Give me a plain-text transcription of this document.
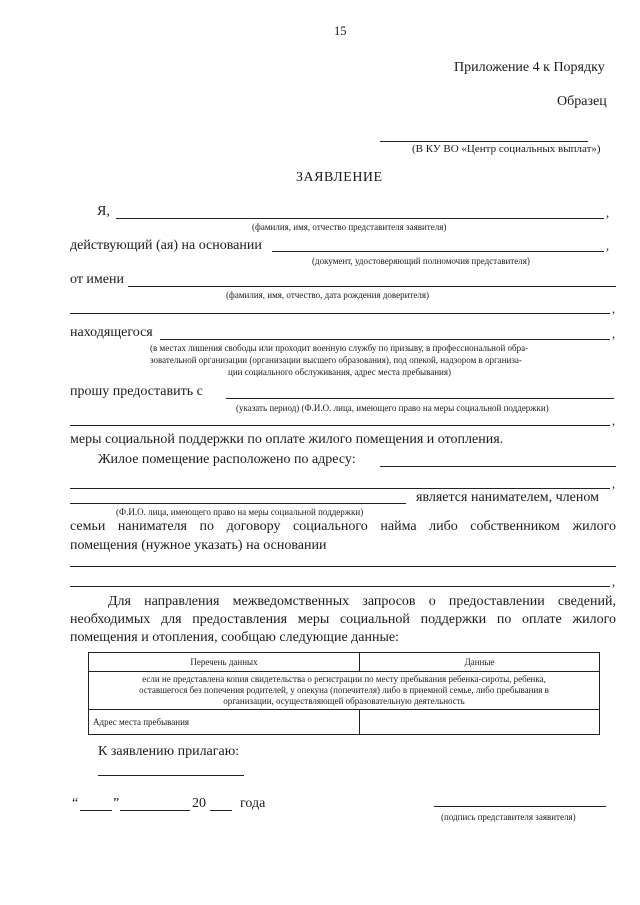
15
Приложение 4 к Порядку
Образец
(В КУ ВО «Центр социальных выплат»)
ЗАЯВЛЕНИЕ
Я,	,
(фамилия, имя, отчество представителя заявителя)
действующий (ая) на основании	,
(документ, удостоверяющий полномочия представителя)
от имени
(фамилия, имя, отчество, дата рождения доверителя)
,
находящегося	,
(в местах лишения свободы или проходит военную службу по призыву, в профессиональной обра-
зовательной организации (организации высшего образования), под опекой, надзором в организа-
ции социального обслуживания, адрес места пребывания)
прошу предоставить с
(указать период) (Ф.И.О. лица, имеющего право на меры социальной поддержки)
,
меры социальной поддержки по оплате жилого помещения и отопления.
Жилое помещение расположено по адресу:
,
является нанимателем, членом
(Ф.И.О. лица, имеющего право на меры социальной поддержки)
семьи нанимателя по договору социального найма либо собственником жилого
помещения (нужное указать) на основании
,
Для направления межведомственных запросов о предоставлении сведений,
необходимых для предоставления меры социальной поддержки по оплате жилого
помещения и отопления, сообщаю следующие данные:
Перечень данных	Данные
если не представлена копия свидетельства о регистрации по месту пребывания ребенка-сироты, ребенка,
оставшегося без попечения родителей, у опекуна (попечителя) либо в приемной семье, либо пребывания в
организации, осуществляющей образовательную деятельность	
Адрес места пребывания	
К заявлению прилагаю:
“ ”	20 года
(подпись представителя заявителя)
